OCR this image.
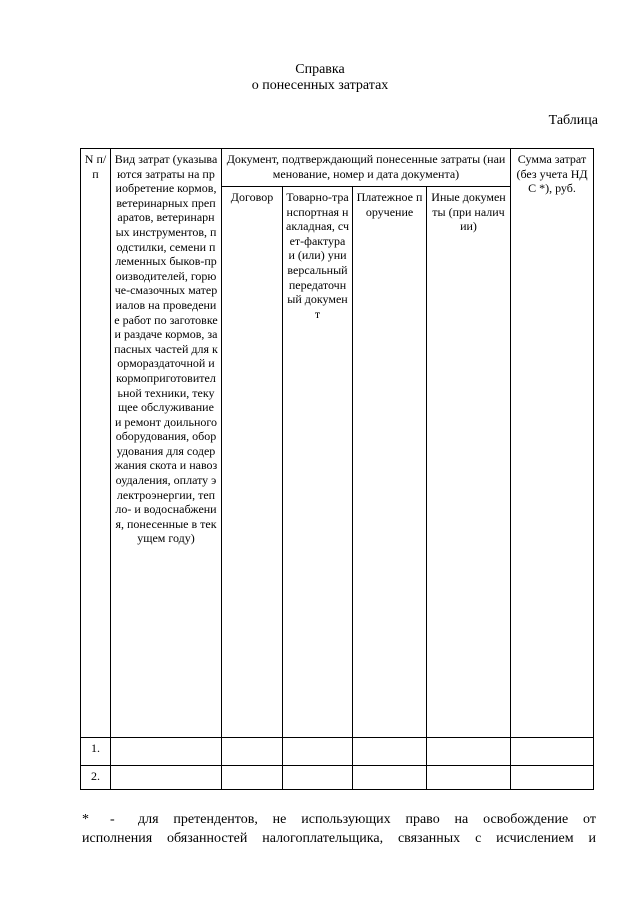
Справка
о понесенных затратах
Таблица
N п/п	Вид затрат (указываются затраты на приобретение кормов, ветеринарных препаратов, ветеринарных инструментов, подстилки, семени племенных быков-производителей, горюче-смазочных материалов на проведение работ по заготовке и раздаче кормов, запасных частей для кормораздаточной и кормоприготовительной техники, текущее обслуживание и ремонт доильного оборудования, оборудования для содержания скота и навозоудаления, оплату электроэнергии, тепло- и водоснабжения, понесенные в текущем году)	Документ, подтверждающий понесенные затраты (наименование, номер и дата документа)				Сумма затрат (без учета НДС *), руб.
		Договор	Товарно-транспортная накладная, счет-фактура и (или) универсальный передаточный документ	Платежное поручение	Иные документы (при наличии)	
1.						
2.						
* - для претендентов, не использующих право на освобождение от
исполнения обязанностей налогоплательщика, связанных с исчислением и
